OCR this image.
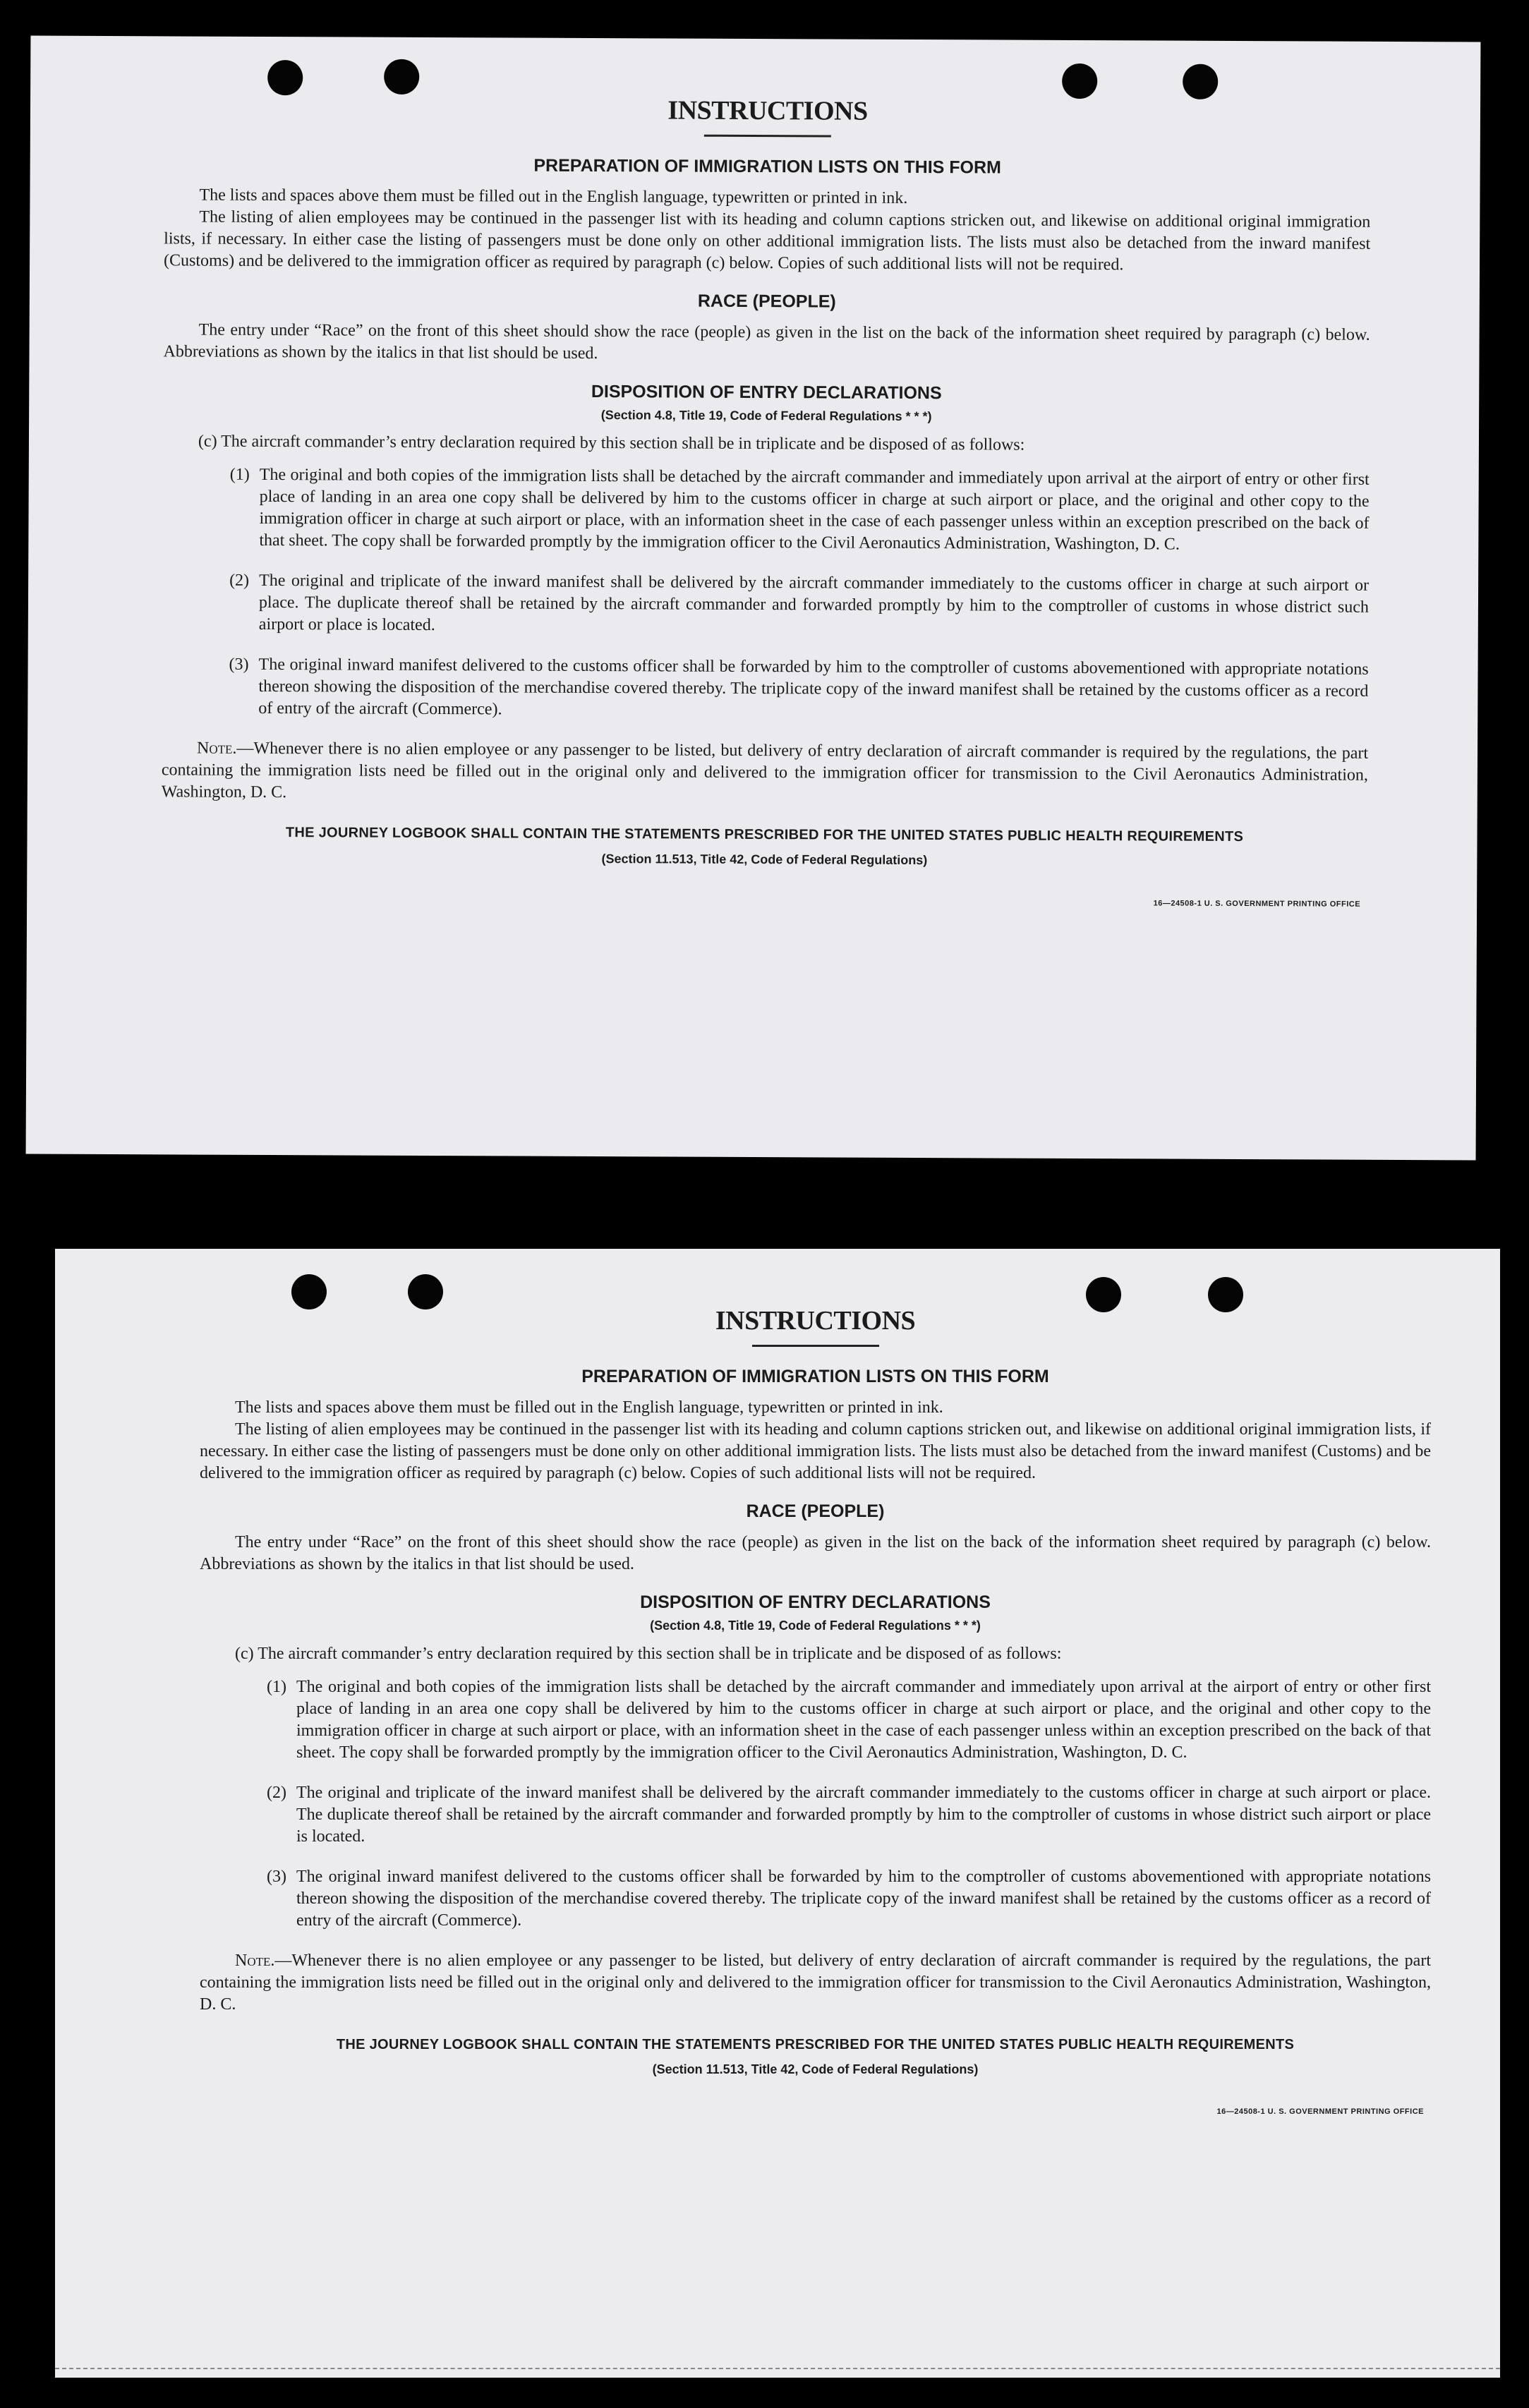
INSTRUCTIONS
PREPARATION OF IMMIGRATION LISTS ON THIS FORM

The lists and spaces above them must be filled out in the English language, typewritten or printed in ink.

The listing of alien employees may be continued in the passenger list with its heading and column captions stricken out, and likewise on additional original immigration lists, if necessary. In either case the listing of passengers must be done only on other additional immigration lists. The lists must also be detached from the inward manifest (Customs) and be delivered to the immigration officer as required by paragraph (c) below. Copies of such additional lists will not be required.

RACE (PEOPLE)

The entry under “Race” on the front of this sheet should show the race (people) as given in the list on the back of the information sheet required by paragraph (c) below. Abbreviations as shown by the italics in that list should be used.

DISPOSITION OF ENTRY DECLARATIONS
(Section 4.8, Title 19, Code of Federal Regulations * * *)

(c) The aircraft commander’s entry declaration required by this section shall be in triplicate and be disposed of as follows:

(1) The original and both copies of the immigration lists shall be detached by the aircraft commander and immediately upon arrival at the airport of entry or other first place of landing in an area one copy shall be delivered by him to the customs officer in charge at such airport or place, and the original and other copy to the immigration officer in charge at such airport or place, with an information sheet in the case of each passenger unless within an exception prescribed on the back of that sheet. The copy shall be forwarded promptly by the immigration officer to the Civil Aeronautics Administration, Washington, D. C.

(2) The original and triplicate of the inward manifest shall be delivered by the aircraft commander immediately to the customs officer in charge at such airport or place. The duplicate thereof shall be retained by the aircraft commander and forwarded promptly by him to the comptroller of customs in whose district such airport or place is located.

(3) The original inward manifest delivered to the customs officer shall be forwarded by him to the comptroller of customs abovementioned with appropriate notations thereon showing the disposition of the merchandise covered thereby. The triplicate copy of the inward manifest shall be retained by the customs officer as a record of entry of the aircraft (Commerce).

Note.—Whenever there is no alien employee or any passenger to be listed, but delivery of entry declaration of aircraft commander is required by the regulations, the part containing the immigration lists need be filled out in the original only and delivered to the immigration officer for transmission to the Civil Aeronautics Administration, Washington, D. C.

THE JOURNEY LOGBOOK SHALL CONTAIN THE STATEMENTS PRESCRIBED FOR THE UNITED STATES PUBLIC HEALTH REQUIREMENTS

(Section 11.513, Title 42, Code of Federal Regulations)

16—24508-1 U. S. GOVERNMENT PRINTING OFFICE
INSTRUCTIONS
PREPARATION OF IMMIGRATION LISTS ON THIS FORM

The lists and spaces above them must be filled out in the English language, typewritten or printed in ink.

The listing of alien employees may be continued in the passenger list with its heading and column captions stricken out, and likewise on additional original immigration lists, if necessary. In either case the listing of passengers must be done only on other additional immigration lists. The lists must also be detached from the inward manifest (Customs) and be delivered to the immigration officer as required by paragraph (c) below. Copies of such additional lists will not be required.

RACE (PEOPLE)

The entry under “Race” on the front of this sheet should show the race (people) as given in the list on the back of the information sheet required by paragraph (c) below. Abbreviations as shown by the italics in that list should be used.

DISPOSITION OF ENTRY DECLARATIONS
(Section 4.8, Title 19, Code of Federal Regulations * * *)

(c) The aircraft commander’s entry declaration required by this section shall be in triplicate and be disposed of as follows:

(1) The original and both copies of the immigration lists shall be detached by the aircraft commander and immediately upon arrival at the airport of entry or other first place of landing in an area one copy shall be delivered by him to the customs officer in charge at such airport or place, and the original and other copy to the immigration officer in charge at such airport or place, with an information sheet in the case of each passenger unless within an exception prescribed on the back of that sheet. The copy shall be forwarded promptly by the immigration officer to the Civil Aeronautics Administration, Washington, D. C.

(2) The original and triplicate of the inward manifest shall be delivered by the aircraft commander immediately to the customs officer in charge at such airport or place. The duplicate thereof shall be retained by the aircraft commander and forwarded promptly by him to the comptroller of customs in whose district such airport or place is located.

(3) The original inward manifest delivered to the customs officer shall be forwarded by him to the comptroller of customs abovementioned with appropriate notations thereon showing the disposition of the merchandise covered thereby. The triplicate copy of the inward manifest shall be retained by the customs officer as a record of entry of the aircraft (Commerce).

Note.—Whenever there is no alien employee or any passenger to be listed, but delivery of entry declaration of aircraft commander is required by the regulations, the part containing the immigration lists need be filled out in the original only and delivered to the immigration officer for transmission to the Civil Aeronautics Administration, Washington, D. C.

THE JOURNEY LOGBOOK SHALL CONTAIN THE STATEMENTS PRESCRIBED FOR THE UNITED STATES PUBLIC HEALTH REQUIREMENTS

(Section 11.513, Title 42, Code of Federal Regulations)

16—24508-1 U. S. GOVERNMENT PRINTING OFFICE
